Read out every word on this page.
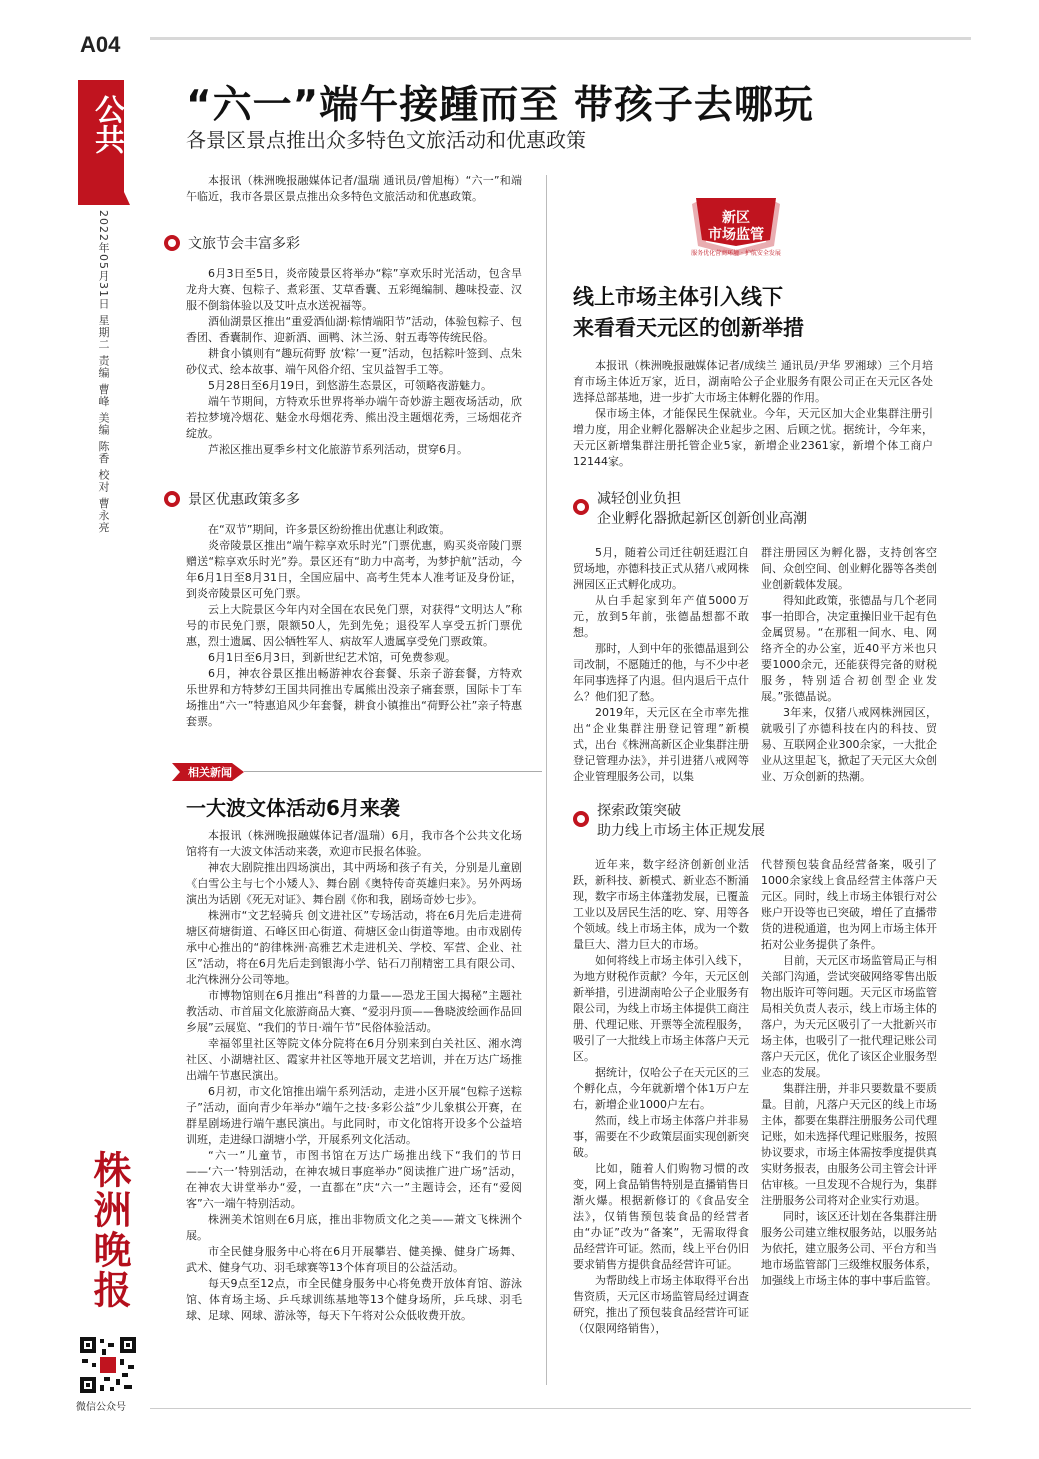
A04
公共
2022年05月31日 星期二 责编 曹峰 美编 陈香 校对 曹永亮
株洲晚报
微信公众号
“六一”端午接踵而至 带孩子去哪玩
各景区景点推出众多特色文旅活动和优惠政策

本报讯（株洲晚报融媒体记者/温瑞 通讯员/曾旭梅）“六一”和端午临近，我市各景区景点推出众多特色文旅活动和优惠政策。

文旅节会丰富多彩

6月3日至5日，炎帝陵景区将举办“粽”享欢乐时光活动，包含旱龙舟大赛、包粽子、煮彩蛋、艾草香囊、五彩绳编制、趣味投壶、汉服不倒翁体验以及艾叶点水送祝福等。

酒仙湖景区推出“重爱酒仙湖·粽情端阳节”活动，体验包粽子、包香团、香囊制作、迎新酒、画鸭、沐兰汤、射五毒等传统民俗。

耕食小镇则有“趣玩荷野 放‘粽’一夏”活动，包括粽叶签到、点朱砂仪式、绘本故事、端午风俗介绍、宝贝益智手工等。

5月28日至6月19日，到悠游生态景区，可领略夜游魅力。

端午节期间，方特欢乐世界将举办端午奇妙游主题夜场活动，欣若拉梦境冷烟花、魅金水母烟花秀、熊出没主题烟花秀，三场烟花齐绽放。

芦淞区推出夏季乡村文化旅游节系列活动，贯穿6月。

景区优惠政策多多

在“双节”期间，许多景区纷纷推出优惠让利政策。

炎帝陵景区推出“端午粽享欢乐时光”门票优惠，购买炎帝陵门票赠送“粽享欢乐时光”券。景区还有“助力中高考，为梦护航”活动，今年6月1日至8月31日，全国应届中、高考生凭本人准考证及身份证，到炎帝陵景区可免门票。

云上大院景区今年内对全国在农民免门票，对获得“文明达人”称号的市民免门票，限额50人，先到先免；退役军人享受五折门票优惠，烈士遗属、因公牺牲军人、病故军人遗属享受免门票政策。

6月1日至6月3日，到新世纪艺术馆，可免费参观。

6月，神农谷景区推出畅游神农谷套餐、乐亲子游套餐，方特欢乐世界和方特梦幻王国共同推出专属熊出没亲子痛套票，国际卡丁车场推出“六一”特惠追风少年套餐，耕食小镇推出“荷野公社”亲子特惠套票。

相关新闻
一大波文体活动6月来袭

本报讯（株洲晚报融媒体记者/温瑞）6月，我市各个公共文化场馆将有一大波文体活动来袭，欢迎市民报名体验。

神农大剧院推出四场演出，其中两场和孩子有关，分别是儿童剧《白雪公主与七个小矮人》、舞台剧《奥特传奇英雄归来》。另外两场演出为话剧《死无对证》、舞台剧《你和我，剧场奇妙七步》。

株洲市“文艺轻骑兵 创文进社区”专场活动，将在6月先后走进荷塘区荷塘街道、石峰区田心街道、荷塘区金山街道等地。由市戏剧传承中心推出的“韵律株洲·高雅艺术走进机关、学校、军营、企业、社区”活动，将在6月先后走到银海小学、钻石刀削精密工具有限公司、北汽株洲分公司等地。

市博物馆则在6月推出“科普的力量——恐龙王国大揭秘”主题社教活动、市首届文化旅游商品大赛、“爱羽丹顶——鲁晓波绘画作品回乡展”云展览、“我们的节日·端午节”民俗体验活动。

幸福邻里社区等院文体分院将在6月分别来到白关社区、湘水湾社区、小湖塘社区、霞家井社区等地开展文艺培训，并在万达广场推出端午节惠民演出。

6月初，市文化馆推出端午系列活动，走进小区开展“包粽子送粽子”活动，面向青少年举办“端午之技·多彩公益”少儿象棋公开赛，在群星剧场进行端午惠民演出。与此同时，市文化馆将开设多个公益培训班，走进绿口湖塘小学，开展系列文化活动。

“六一”儿童节，市图书馆在万达广场推出线下“我们的节日——‘六一’特别活动，在神农城日事庭举办”阅读推广进广场”活动，在神农大讲堂举办“爱，一直都在”庆“六一”主题诗会，还有“爱阅客”六一端午特别活动。

株洲美术馆则在6月底，推出非物质文化之美——萧文飞株洲个展。

市全民健身服务中心将在6月开展攀岩、健美操、健身广场舞、武术、健身气功、羽毛球赛等13个体育项目的公益活动。

每天9点至12点，市全民健身服务中心将免费开放体育馆、游泳馆、体育场主场、乒乓球训练基地等13个健身场所，乒乓球、羽毛球、足球、网球、游泳等，每天下午将对公众低收费开放。

新区
市场监管
服务优化营商环境 · 护航安全发展
线上市场主体引入线下
来看看天元区的创新举措

本报讯（株洲晚报融媒体记者/成续兰 通讯员/尹华 罗湘球）三个月培育市场主体近万家，近日，湖南哈公子企业服务有限公司正在天元区各处选择总部基地，进一步扩大市场主体孵化器的作用。

保市场主体，才能保民生保就业。今年，天元区加大企业集群注册引增力度，用企业孵化器解决企业起步之困、后顾之忧。据统计，今年来，天元区新增集群注册托管企业5家，新增企业2361家，新增个体工商户12144家。

减轻创业负担
企业孵化器掀起新区创新创业高潮

5月，随着公司迁往朝廷遐江自贸场地，亦德科技正式从猪八戒网株洲园区正式孵化成功。

从白手起家到年产值5000万元，放到5年前，张德晶想都不敢想。

那时，人到中年的张德晶退到公司改制，不愿随迁的他，与不少中老年同事选择了内退。但内退后干点什么？他们犯了愁。

2019年，天元区在全市率先推出“企业集群注册登记管理”新模式，出台《株洲高新区企业集群注册登记管理办法》，并引进猪八戒网等企业管理服务公司，以集

群注册园区为孵化器，支持创客空间、众创空间、创业孵化器等各类创业创新载体发展。

得知此政策，张德晶与几个老同事一拍即合，决定重操旧业干起有色金属贸易。“在那租一间水、电、网络齐全的办公室，近40平方米也只要1000余元，还能获得完备的财税服务，特别适合初创型企业发展。”张德晶说。

3年来，仅猪八戒网株洲园区，就吸引了亦德科技在内的科技、贸易、互联网企业300余家，一大批企业从这里起飞，掀起了天元区大众创业、万众创新的热潮。

探索政策突破
助力线上市场主体正规发展

近年来，数字经济创新创业活跃，新科技、新模式、新业态不断涌现，数字市场主体蓬勃发展，已覆盖工业以及居民生活的吃、穿、用等各个领域。线上市场主体，成为一个数量巨大、潜力巨大的市场。

如何将线上市场主体引入线下，为地方财税作贡献？今年，天元区创新举措，引进湖南哈公子企业服务有限公司，为线上市场主体提供工商注册、代理记账、开票等全流程服务，吸引了一大批线上市场主体落户天元区。

据统计，仅哈公子在天元区的三个孵化点，今年就新增个体1万户左右，新增企业1000户左右。

然而，线上市场主体落户并非易事，需要在不少政策层面实现创新突破。

比如，随着人们购物习惯的改变，网上食品销售特别是直播销售日渐火爆。根据新修订的《食品安全法》，仅销售预包装食品的经营者由“办证”改为“备案”，无需取得食品经营许可证。然而，线上平台仍旧要求销售方提供食品经营许可证。

为帮助线上市场主体取得平台出售资质，天元区市场监管局经过调查研究，推出了预包装食品经营许可证（仅限网络销售），

代替预包装食品经营备案，吸引了1000余家线上食品经营主体落户天元区。同时，线上市场主体银行对公账户开设等也已突破，增任了直播带货的进税通道，也为网上市场主体开拓对公业务提供了条件。

目前，天元区市场监管局正与相关部门沟通，尝试突破网络零售出版物出版许可等问题。天元区市场监管局相关负责人表示，线上市场主体的落户，为天元区吸引了一大批新兴市场主体，也吸引了一批代理记账公司落户天元区，优化了该区企业服务型业态的发展。

集群注册，并非只要数量不要质量。目前，凡落户天元区的线上市场主体，都要在集群注册服务公司代理记账，如未选择代理记账服务，按照协议要求，市场主体需按季度提供真实财务报表，由服务公司主管会计评估审核。一旦发现不合规行为，集群注册服务公司将对企业实行劝退。

同时，该区还计划在各集群注册服务公司建立维权服务站，以服务站为依托，建立服务公司、平台方和当地市场监管部门三级维权服务体系，加强线上市场主体的事中事后监管。
